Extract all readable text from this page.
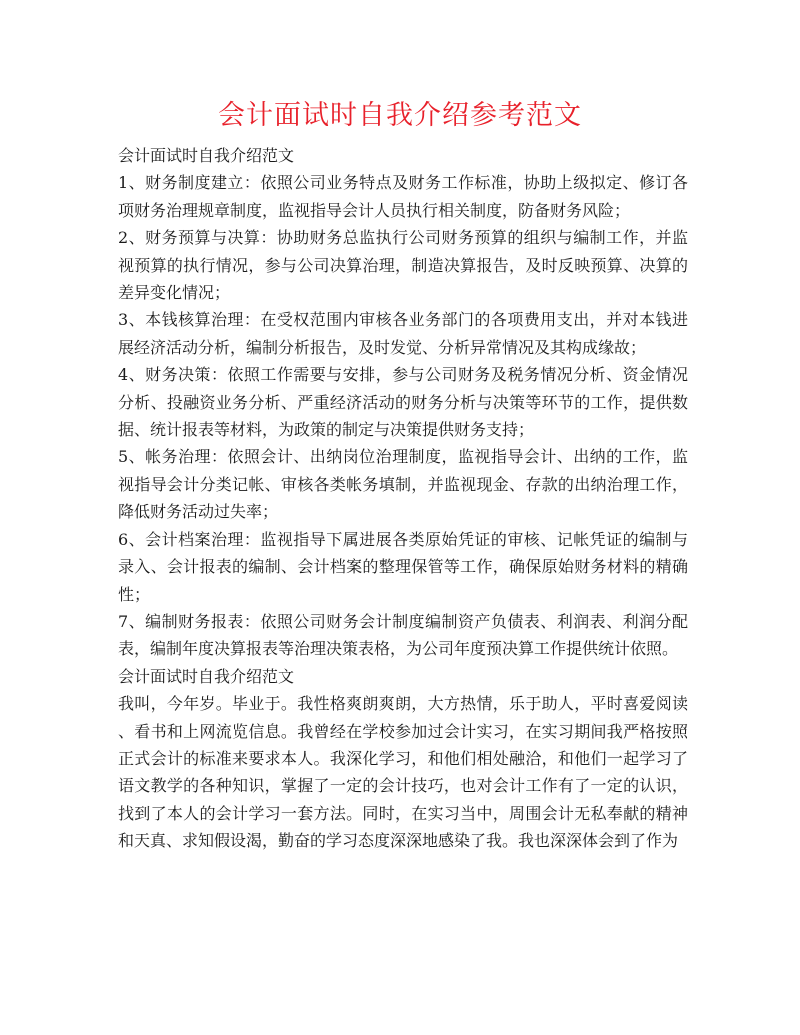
会计面试时自我介绍参考范文

会计面试时自我介绍范文

1、财务制度建立：依照公司业务特点及财务工作标准，协助上级拟定、修订各项财务治理规章制度，监视指导会计人员执行相关制度，防备财务风险；

2、财务预算与决算：协助财务总监执行公司财务预算的组织与编制工作，并监视预算的执行情况，参与公司决算治理，制造决算报告，及时反映预算、决算的差异变化情况；

3、本钱核算治理：在受权范围内审核各业务部门的各项费用支出，并对本钱进展经济活动分析，编制分析报告，及时发觉、分析异常情况及其构成缘故；

4、财务决策：依照工作需要与安排，参与公司财务及税务情况分析、资金情况分析、投融资业务分析、严重经济活动的财务分析与决策等环节的工作，提供数据、统计报表等材料，为政策的制定与决策提供财务支持；

5、帐务治理：依照会计、出纳岗位治理制度，监视指导会计、出纳的工作，监视指导会计分类记帐、审核各类帐务填制，并监视现金、存款的出纳治理工作，降低财务活动过失率；

6、会计档案治理：监视指导下属进展各类原始凭证的审核、记帐凭证的编制与录入、会计报表的编制、会计档案的整理保管等工作，确保原始财务材料的精确性；

7、编制财务报表：依照公司财务会计制度编制资产负债表、利润表、利润分配表，编制年度决算报表等治理决策表格，为公司年度预决算工作提供统计依照。

会计面试时自我介绍范文

我叫，今年岁。毕业于。我性格爽朗爽朗，大方热情，乐于助人，平时喜爱阅读、看书和上网流览信息。我曾经在学校参加过会计实习，在实习期间我严格按照正式会计的标准来要求本人。我深化学习，和他们相处融洽，和他们一起学习了语文教学的各种知识，掌握了一定的会计技巧，也对会计工作有了一定的认识，找到了本人的会计学习一套方法。同时，在实习当中，周围会计无私奉献的精神和天真、求知假设渴，勤奋的学习态度深深地感染了我。我也深深体会到了作为
